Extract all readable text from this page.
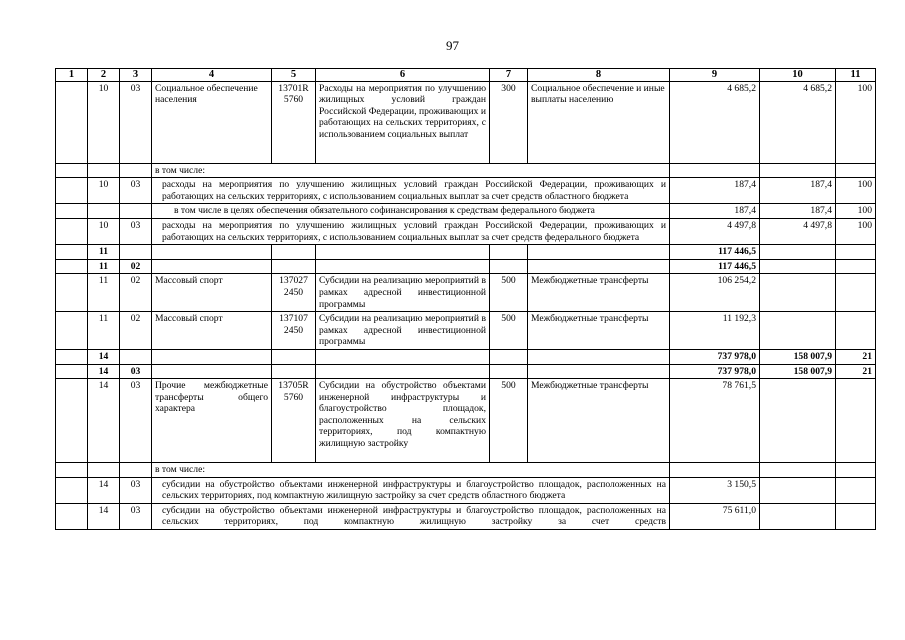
97
1	2	3	4	5	6	7	8	9	10	11
	10	03	Социальное обеспечение населения	13701R 5760	Расходы на мероприятия по улучшению жилищных условий граждан Российской Федерации, проживающих и работающих на сельских территориях, с использованием социальных выплат	300	Социальное обеспечение и иные выплаты населению	4 685,2	4 685,2	100
			в том числе:							
	10	03	расходы на мероприятия по улучшению жилищных условий граждан Российской Федерации, проживающих и работающих на сельских территориях, с использованием социальных выплат за счет средств областного бюджета					187,4	187,4	100
			в том числе в целях обеспечения обязательного софинансирования к средствам федерального бюджета					187,4	187,4	100
	10	03	расходы на мероприятия по улучшению жилищных условий граждан Российской Федерации, проживающих и работающих на сельских территориях, с использованием социальных выплат за счет средств федерального бюджета					4 497,8	4 497,8	100
	11							117 446,5		
	11	02						117 446,5		
	11	02	Массовый спорт	137027 2450	Субсидии на реализацию мероприятий в рамках адресной инвестиционной программы	500	Межбюджетные трансферты	106 254,2		
	11	02	Массовый спорт	137107 2450	Субсидии на реализацию мероприятий в рамках адресной инвестиционной программы	500	Межбюджетные трансферты	11 192,3		
	14							737 978,0	158 007,9	21
	14	03						737 978,0	158 007,9	21
	14	03	Прочие межбюджетные трансферты общего характера	13705R 5760	Субсидии на обустройство объектами инженерной инфраструктуры и благоустройство площадок, расположенных на сельских территориях, под компактную жилищную застройку	500	Межбюджетные трансферты	78 761,5		
			в том числе:							
	14	03	субсидии на обустройство объектами инженерной инфраструктуры и благоустройство площадок, расположенных на сельских территориях, под компактную жилищную застройку за счет средств областного бюджета					3 150,5		
	14	03	субсидии на обустройство объектами инженерной инфраструктуры и благоустройство площадок, расположенных на сельских территориях, под компактную жилищную застройку за счет средств					75 611,0		
